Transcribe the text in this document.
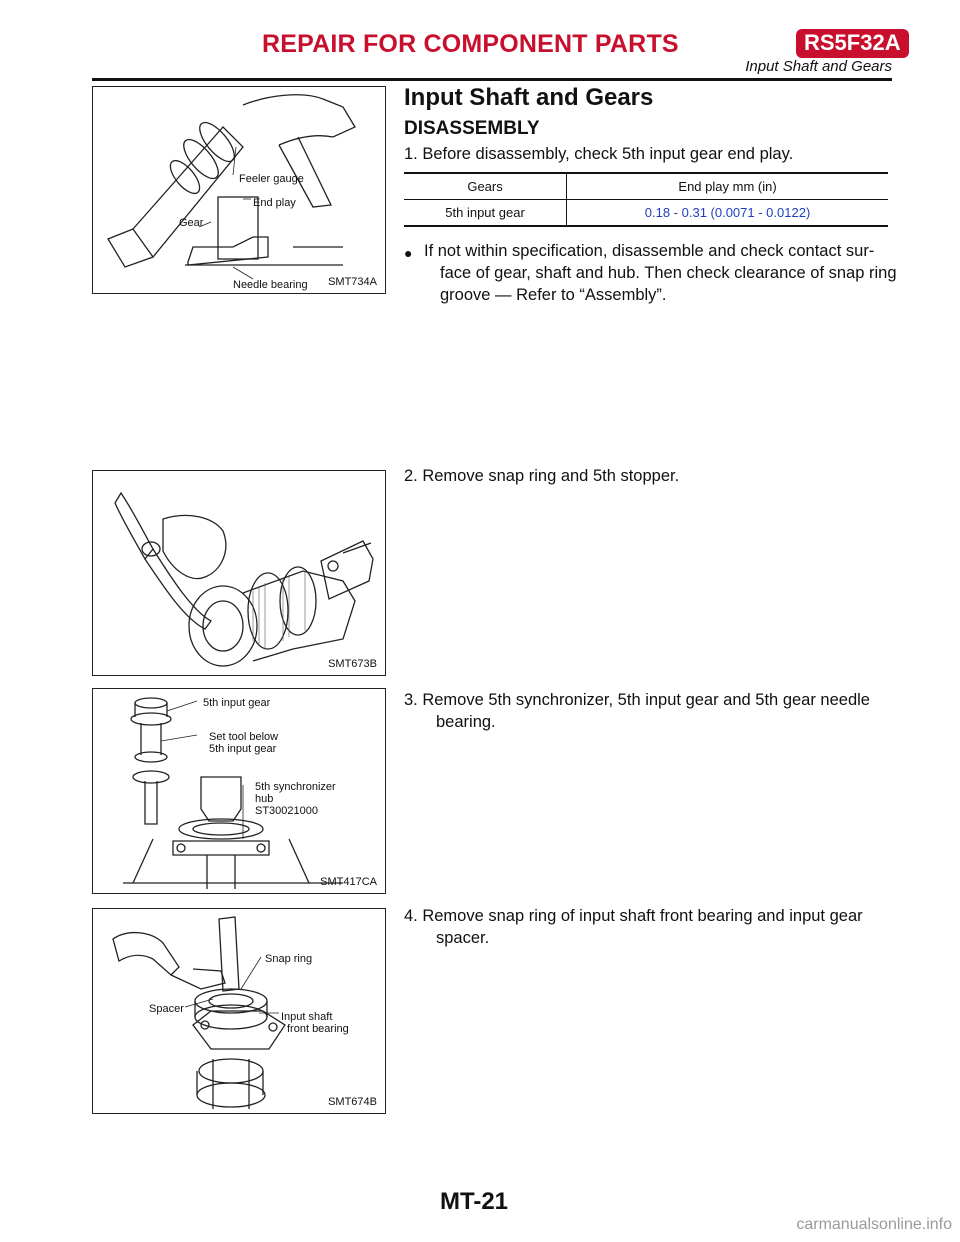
REPAIR FOR COMPONENT PARTS	RS5F32A
Input Shaft and Gears
Input Shaft and Gears
DISASSEMBLY
1. Before disassembly, check 5th input gear end play.
Gears	End play mm (in)
5th input gear	0.18 - 0.31 (0.0071 - 0.0122)
● If not within specification, disassemble and check contact sur-
face of gear, shaft and hub. Then check clearance of snap ring
groove — Refer to “Assembly”.
2. Remove snap ring and 5th stopper.
3. Remove 5th synchronizer, 5th input gear and 5th gear needle
bearing.
4. Remove snap ring of input shaft front bearing and input gear
spacer.
Feeler gauge
End play
Gear
Needle bearing SMT734A
SMT673B
5th input gear
Set tool below
5th input gear
5th synchronizer
hub
ST30021000
SMT417CA
Snap ring
Spacer
Input shaft
front bearing
SMT674B
MT-21
carmanualsonline.info
